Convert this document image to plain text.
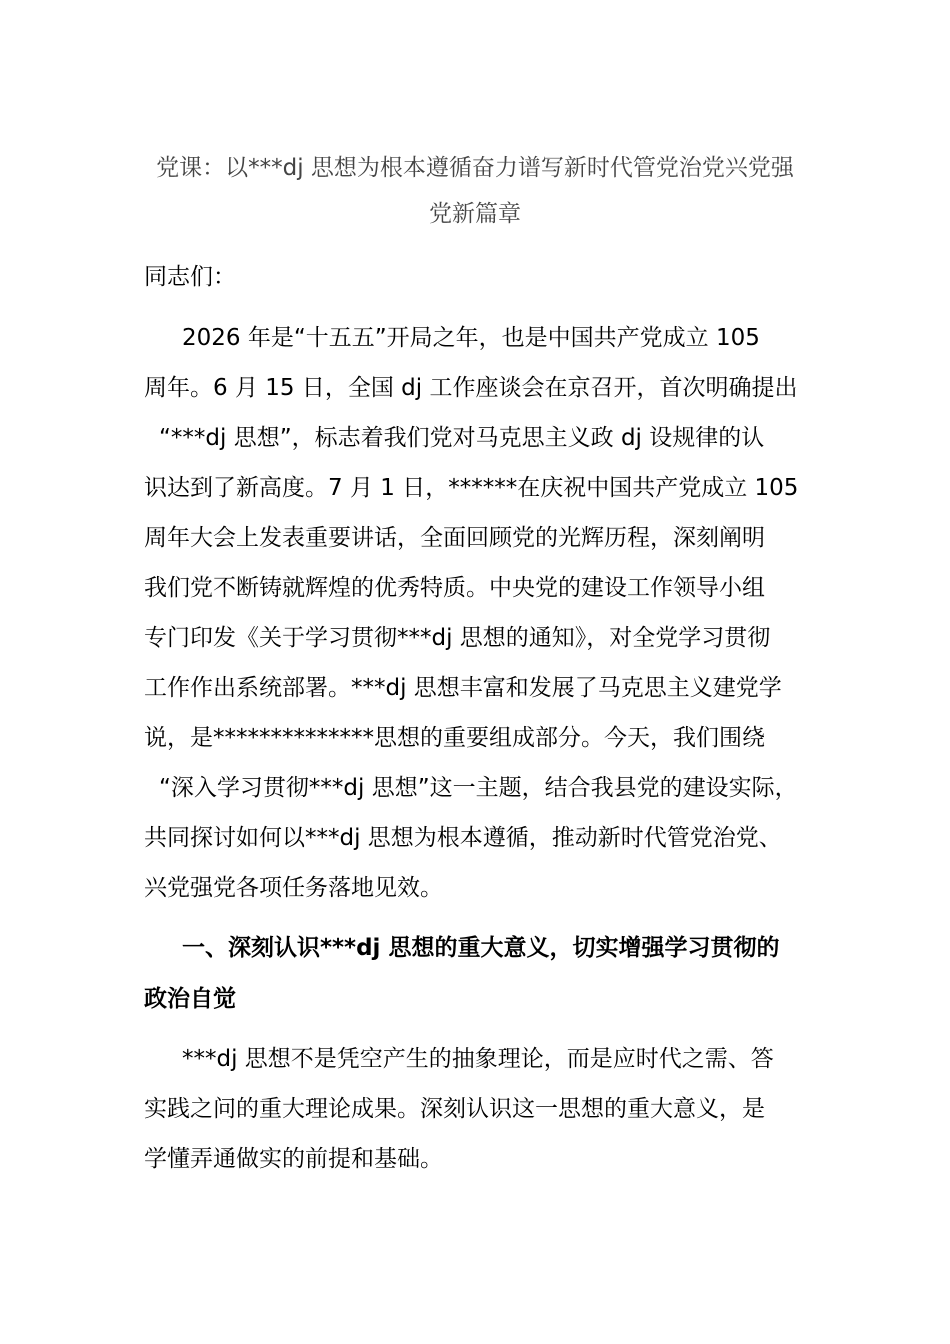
党课：以***dj 思想为根本遵循奋力谱写新时代管党治党兴党强
党新篇章
同志们：
2026 年是“十五五”开局之年，也是中国共产党成立 105
周年。6 月 15 日，全国 dj 工作座谈会在京召开，首次明确提出
“***dj 思想”，标志着我们党对马克思主义政 dj 设规律的认
识达到了新高度。7 月 1 日，******在庆祝中国共产党成立 105
周年大会上发表重要讲话，全面回顾党的光辉历程，深刻阐明
我们党不断铸就辉煌的优秀特质。中央党的建设工作领导小组
专门印发《关于学习贯彻***dj 思想的通知》，对全党学习贯彻
工作作出系统部署。***dj 思想丰富和发展了马克思主义建党学
说，是**************思想的重要组成部分。今天，我们围绕
“深入学习贯彻***dj 思想”这一主题，结合我县党的建设实际，
共同探讨如何以***dj 思想为根本遵循，推动新时代管党治党、
兴党强党各项任务落地见效。
一、深刻认识***dj 思想的重大意义，切实增强学习贯彻的
政治自觉
***dj 思想不是凭空产生的抽象理论，而是应时代之需、答
实践之问的重大理论成果。深刻认识这一思想的重大意义，是
学懂弄通做实的前提和基础。
